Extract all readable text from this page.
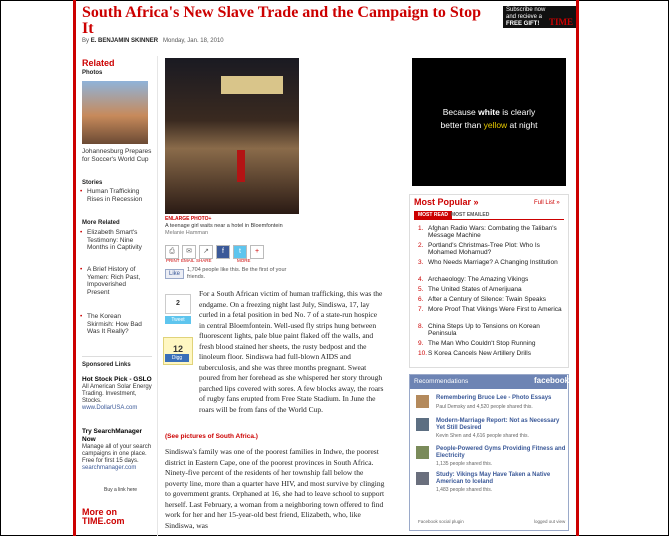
South Africa's New Slave Trade and the Campaign to Stop It
By E. BENJAMIN SKINNER Monday, Jan. 18, 2010
Subscribe now
and recieve a
FREE GIFT!	TIME
Related
Photos
Johannesburg Prepares for Soccer's World Cup
Stories
• Human Trafficking Rises in Recession
More Related
• Elizabeth Smart's Testimony: Nine Months in Captivity
• A Brief History of Yemen: Rich Past, Impoverished Present
• The Korean Skirmish: How Bad Was It Really?
Sponsored Links
Hot Stock Pick - GSLO
All American Solar Energy Trading. Investment, Stocks.
www.DollarUSA.com
Try SearchManager Now
Manage all of your search campaigns in one place. Free for first 15 days.
searchmanager.com
Buy a link here
More on
TIME.com
ENLARGE PHOTO+
A teenage girl waits near a hotel in Bloemfontein
Melanie Hamman
⎙	✉	↗	f	t	+
PRINT EMAIL SHARE	MORE
Like
1,704 people like this. Be the first of your friends.
2
Tweet
12
Digg
For a South African victim of human trafficking, this was the endgame. On a freezing night last July, Sindiswa, 17, lay curled in a fetal position in bed No. 7 of a state-run hospice in central Bloemfontein. Well-used fly strips hung between fluorescent lights, pale blue paint flaked off the walls, and fresh blood stained her sheets, the rusty bedpost and the linoleum floor. Sindiswa had full-blown AIDS and tuberculosis, and she was three months pregnant. Sweat poured from her forehead as she whispered her story through parched lips covered with sores. A few blocks away, the roars of rugby fans erupted from Free State Stadium. In June the roars will be from fans of the World Cup.
(See pictures of South Africa.)
Sindiswa's family was one of the poorest families in Indwe, the poorest district in Eastern Cape, one of the poorest provinces in South Africa. Ninety-five percent of the residents of her township fall below the poverty line, more than a quarter have HIV, and most survive by clinging to government grants. Orphaned at 16, she had to leave school to support herself. Last February, a woman from a neighboring town offered to find work for her and her 15-year-old best friend, Elizabeth, who, like Sindiswa, was
Because white is clearly
better than yellow at night
Most Popular »	Full List »
MOST READ MOST EMAILED
1. Afghan Radio Wars: Combating the Taliban's Message Machine
2. Portland's Christmas-Tree Plot: Who Is Mohamed Mohamud?
3. Who Needs Marriage? A Changing Institution
4. Archaeology: The Amazing Vikings
5. The United States of Amerijuana
6. After a Century of Silence: Twain Speaks
7. More Proof That Vikings Were First to America
8. China Steps Up to Tensions on Korean Peninsula
9. The Man Who Couldn't Stop Running
10. S Korea Cancels New Artillery Drills
Recommendations	facebook
Remembering Bruce Lee - Photo Essays
Paul Demsky and 4,520 people shared this.
Modern-Marriage Report: Not as Necessary Yet Still Desired
Kevin Shen and 4,616 people shared this.
People-Powered Gyms Providing Fitness and Electricity
1,135 people shared this.
Study: Vikings May Have Taken a Native American to Iceland
1,483 people shared this.
Facebook social plugin	logged out view
